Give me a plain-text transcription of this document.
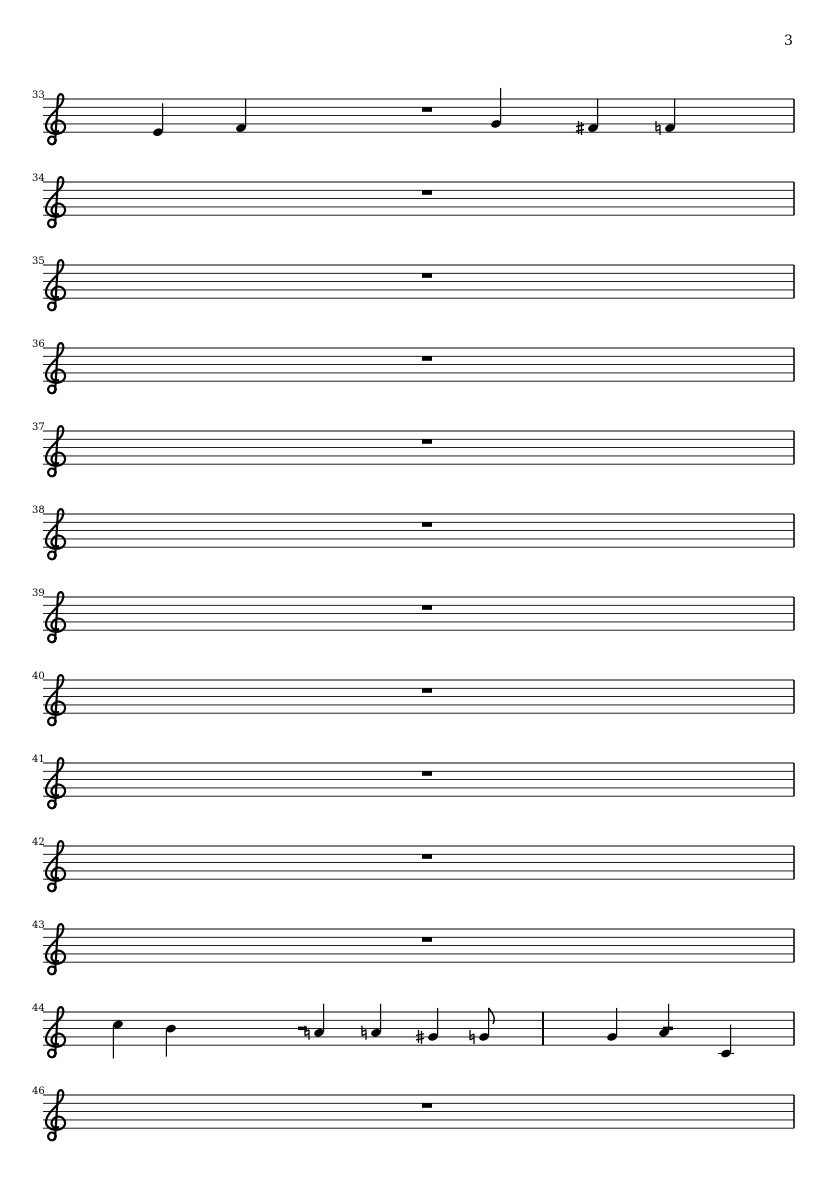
3
33
34
35
36
37
38
39
40
41
42
43
44
46
